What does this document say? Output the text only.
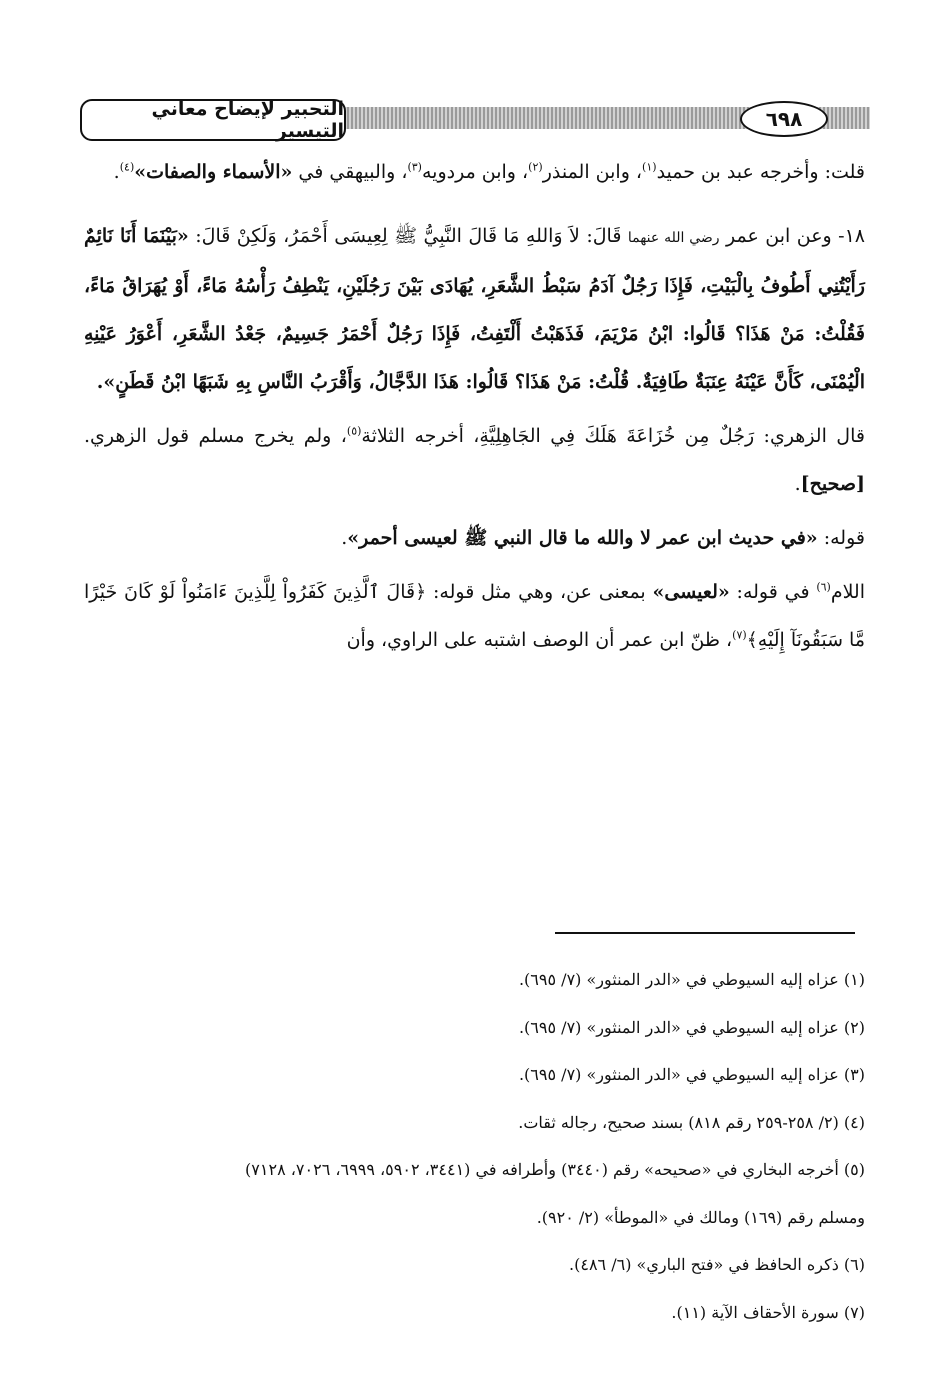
التحبير لإيضاح معاني التيسير	٦٩٨

قلت: وأخرجه عبد بن حميد$^{(١)}$، وابن المنذر$^{(٢)}$، وابن مردويه$^{(٣)}$، والبيهقي في «الأسماء والصفات»$^{(٤)}$.

١٨- وعن ابن عمر رضي الله عنهما قَالَ: لاَ وَاللهِ مَا قَالَ النَّبِيُّ ﷺ لِعِيسَى أَحْمَرُ، وَلَكِنْ قَالَ: «بَيْنَمَا أَنَا نَائِمٌ رَأَيْتُنِي أَطُوفُ بِالْبَيْتِ، فَإِذَا رَجُلٌ آدَمُ سَبْطُ الشَّعَرِ، يُهَادَى بَيْنَ رَجُلَيْنِ، يَنْطِفُ رَأْسُهُ مَاءً، أَوْ يُهَرَاقُ مَاءً، فَقُلْتُ: مَنْ هَذَا؟ قَالُوا: ابْنُ مَرْيَمَ، فَذَهَبْتُ أَلْتَفِتُ، فَإِذَا رَجُلٌ أَحْمَرُ جَسِيمٌ، جَعْدُ الشَّعَرِ، أَعْوَرُ عَيْنِهِ الْيُمْنَى، كَأَنَّ عَيْنَهُ عِنَبَةٌ طَافِيَةٌ. قُلْتُ: مَنْ هَذَا؟ قَالُوا: هَذَا الدَّجَّالُ، وَأَقْرَبُ النَّاسِ بِهِ شَبَهًا ابْنُ قَطَنٍ».

قال الزهري: رَجُلٌ مِن خُزَاعَةَ هَلَكَ فِي الجَاهِلِيَّةِ، أخرجه الثلاثة$^{(٥)}$، ولم يخرج مسلم قول الزهري. [صحيح].

قوله: «في حديث ابن عمر لا والله ما قال النبي ﷺ لعيسى أحمر».

اللام$^{(٦)}$ في قوله: «لعيسى» بمعنى عن، وهي مثل قوله: ﴿قَالَ ٱلَّذِينَ كَفَرُواْ لِلَّذِينَ ءَامَنُواْ لَوْ كَانَ خَيْرًا مَّا سَبَقُونَآ إِلَيْهِ﴾$^{(٧)}$، ظنّ ابن عمر أن الوصف اشتبه على الراوي، وأن

(١) عزاه إليه السيوطي في «الدر المنثور» (٧/ ٦٩٥).

(٢) عزاه إليه السيوطي في «الدر المنثور» (٧/ ٦٩٥).

(٣) عزاه إليه السيوطي في «الدر المنثور» (٧/ ٦٩٥).

(٤) (٢/ ٢٥٨-٢٥٩ رقم ٨١٨) بسند صحيح، رجاله ثقات.

(٥) أخرجه البخاري في «صحيحه» رقم (٣٤٤٠) وأطرافه في (٣٤٤١، ٥٩٠٢، ٦٩٩٩، ٧٠٢٦، ٧١٢٨)

ومسلم رقم (١٦٩) ومالك في «الموطأ» (٢/ ٩٢٠).

(٦) ذكره الحافظ في «فتح الباري» (٦/ ٤٨٦).

(٧) سورة الأحقاف الآية (١١).
